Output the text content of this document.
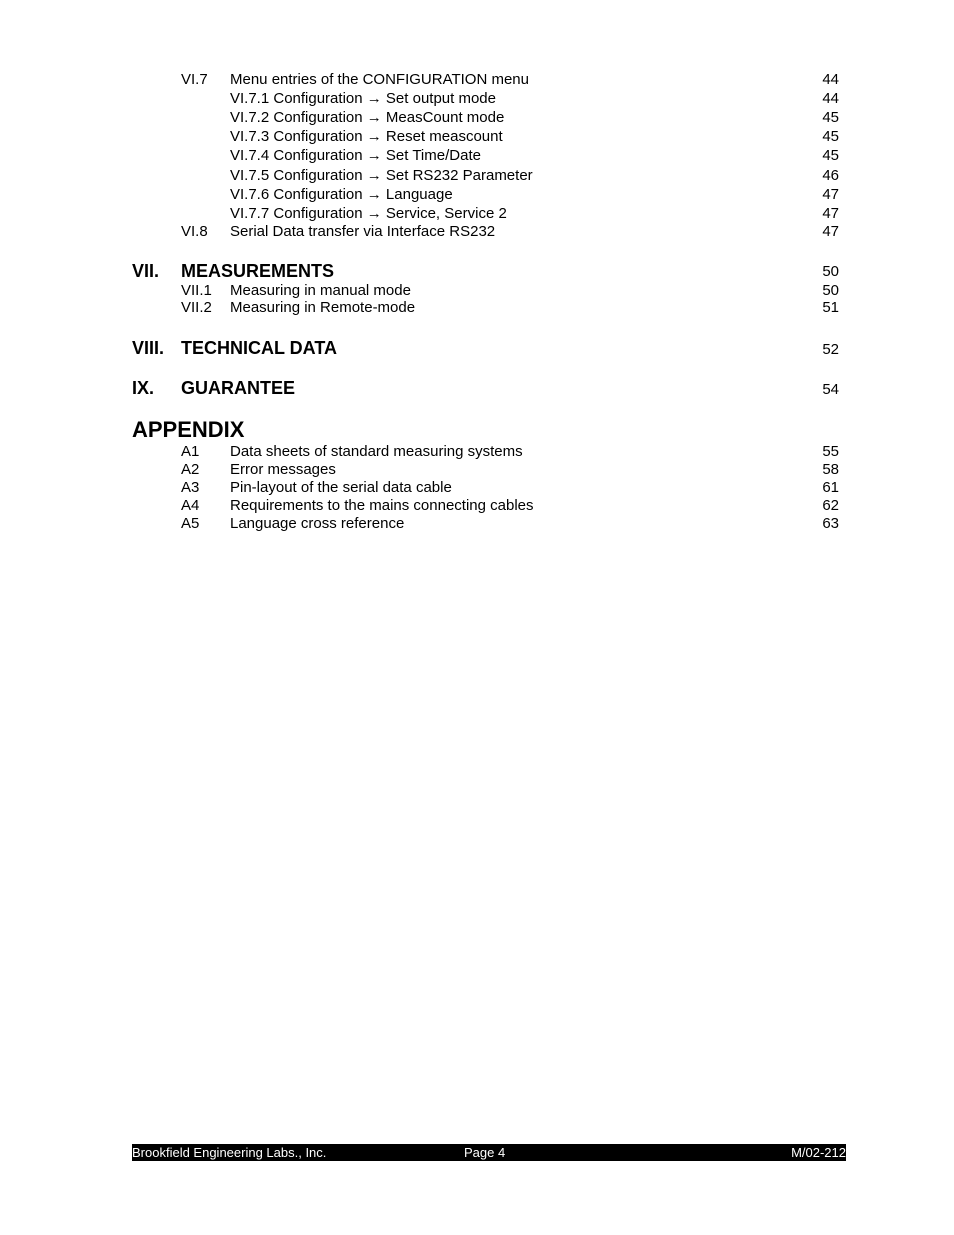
VI.7 Menu entries of the CONFIGURATION menu	44
VI.7.1 Configuration → Set output mode	44
VI.7.2 Configuration → MeasCount mode	45
VI.7.3 Configuration → Reset meascount	45
VI.7.4 Configuration → Set Time/Date	45
VI.7.5 Configuration → Set RS232 Parameter	46
VI.7.6 Configuration → Language	47
VI.7.7 Configuration → Service, Service 2	47
VI.8 Serial Data transfer via Interface RS232	47
VII. MEASUREMENTS	50
VII.1 Measuring in manual mode	50
VII.2 Measuring in Remote-mode	51
VIII. TECHNICAL DATA	52
IX. GUARANTEE	54
APPENDIX
A1 Data sheets of standard measuring systems	55
A2 Error messages	58
A3 Pin-layout of the serial data cable	61
A4 Requirements to the mains connecting cables	62
A5 Language cross reference	63
Brookfield Engineering Labs., Inc.	Page 4	M/02-212
